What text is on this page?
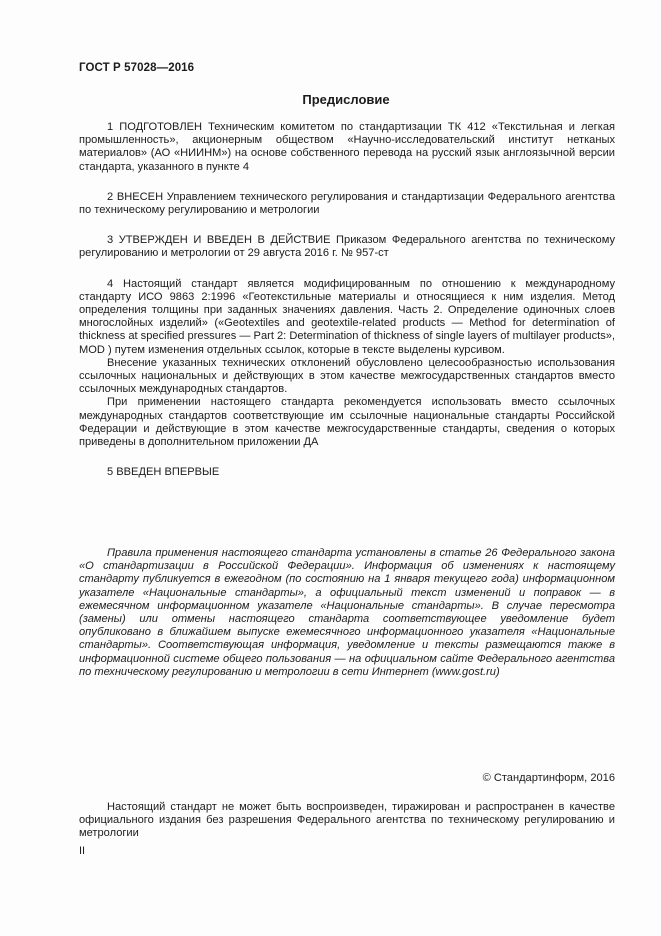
ГОСТ Р 57028—2016
Предисловие

1 ПОДГОТОВЛЕН Техническим комитетом по стандартизации ТК 412 «Текстильная и легкая промышленность», акционерным обществом «Научно-исследовательский институт нетканых материалов» (АО «НИИНМ») на основе собственного перевода на русский язык англоязычной версии стандарта, указанного в пункте 4

2 ВНЕСЕН Управлением технического регулирования и стандартизации Федерального агентства по техническому регулированию и метрологии

3 УТВЕРЖДЕН И ВВЕДЕН В ДЕЙСТВИЕ Приказом Федерального агентства по техническому регулированию и метрологии от 29 августа 2016 г. № 957-ст

4 Настоящий стандарт является модифицированным по отношению к международному стандарту ИСО 9863 2:1996 «Геотекстильные материалы и относящиеся к ним изделия. Метод определения толщины при заданных значениях давления. Часть 2. Определение одиночных слоев многослойных изделий» («Geotextiles and geotextile-related products — Method for determination of thickness at specified pressures — Part 2: Determination of thickness of single layers of multilayer products», MOD ) путем изменения отдельных ссылок, которые в тексте выделены курсивом.

Внесение указанных технических отклонений обусловлено целесообразностью использования ссылочных национальных и действующих в этом качестве межгосударственных стандартов вместо ссылочных международных стандартов.

При применении настоящего стандарта рекомендуется использовать вместо ссылочных международных стандартов соответствующие им ссылочные национальные стандарты Российской Федерации и действующие в этом качестве межгосударственные стандарты, сведения о которых приведены в дополнительном приложении ДА

5 ВВЕДЕН ВПЕРВЫЕ

Правила применения настоящего стандарта установлены в статье 26 Федерального закона «О стандартизации в Российской Федерации». Информация об изменениях к настоящему стандарту публикуется в ежегодном (по состоянию на 1 января текущего года) информационном указателе «Национальные стандарты», а официальный текст изменений и поправок — в ежемесячном информационном указателе «Национальные стандарты». В случае пересмотра (замены) или отмены настоящего стандарта соответствующее уведомление будет опубликовано в ближайшем выпуске ежемесячного информационного указателя «Национальные стандарты». Соответствующая информация, уведомление и тексты размещаются также в информационной системе общего пользования — на официальном сайте Федерального агентства по техническому регулированию и метрологии в сети Интернет (www.gost.ru)

© Стандартинформ, 2016

Настоящий стандарт не может быть воспроизведен, тиражирован и распространен в качестве официального издания без разрешения Федерального агентства по техническому регулированию и метрологии

II
